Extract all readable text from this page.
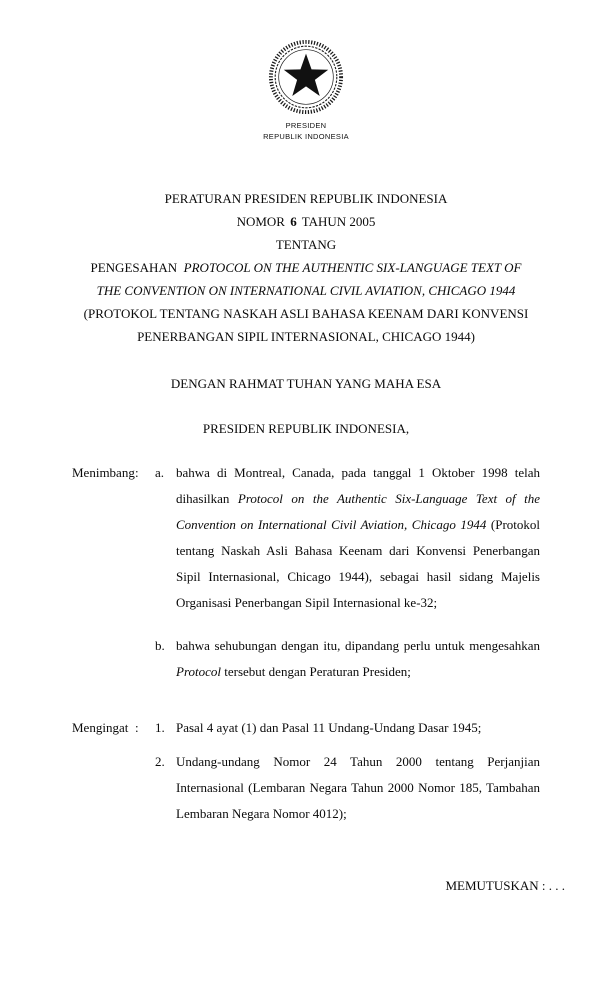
PRESIDEN
REPUBLIK INDONESIA
PERATURAN PRESIDEN REPUBLIK INDONESIA
NOMOR 6 TAHUN 2005
TENTANG
PENGESAHAN PROTOCOL ON THE AUTHENTIC SIX-LANGUAGE TEXT OF
THE CONVENTION ON INTERNATIONAL CIVIL AVIATION, CHICAGO 1944
(PROTOKOL TENTANG NASKAH ASLI BAHASA KEENAM DARI KONVENSI
PENERBANGAN SIPIL INTERNASIONAL, CHICAGO 1944)
DENGAN RAHMAT TUHAN YANG MAHA ESA
PRESIDEN REPUBLIK INDONESIA,
Menimbang :	a. bahwa di Montreal, Canada, pada tanggal 1 Oktober 1998 telah dihasilkan Protocol on the Authentic Six-Language Text of the Convention on International Civil Aviation, Chicago 1944 (Protokol tentang Naskah Asli Bahasa Keenam dari Konvensi Penerbangan Sipil Internasional, Chicago 1944), sebagai hasil sidang Majelis Organisasi Penerbangan Sipil Internasional ke-32;
b. bahwa sehubungan dengan itu, dipandang perlu untuk mengesahkan Protocol tersebut dengan Peraturan Presiden;
Mengingat :	1. Pasal 4 ayat (1) dan Pasal 11 Undang-Undang Dasar 1945;
2. Undang-undang Nomor 24 Tahun 2000 tentang Perjanjian Internasional (Lembaran Negara Tahun 2000 Nomor 185, Tambahan Lembaran Negara Nomor 4012);
MEMUTUSKAN : . . .
